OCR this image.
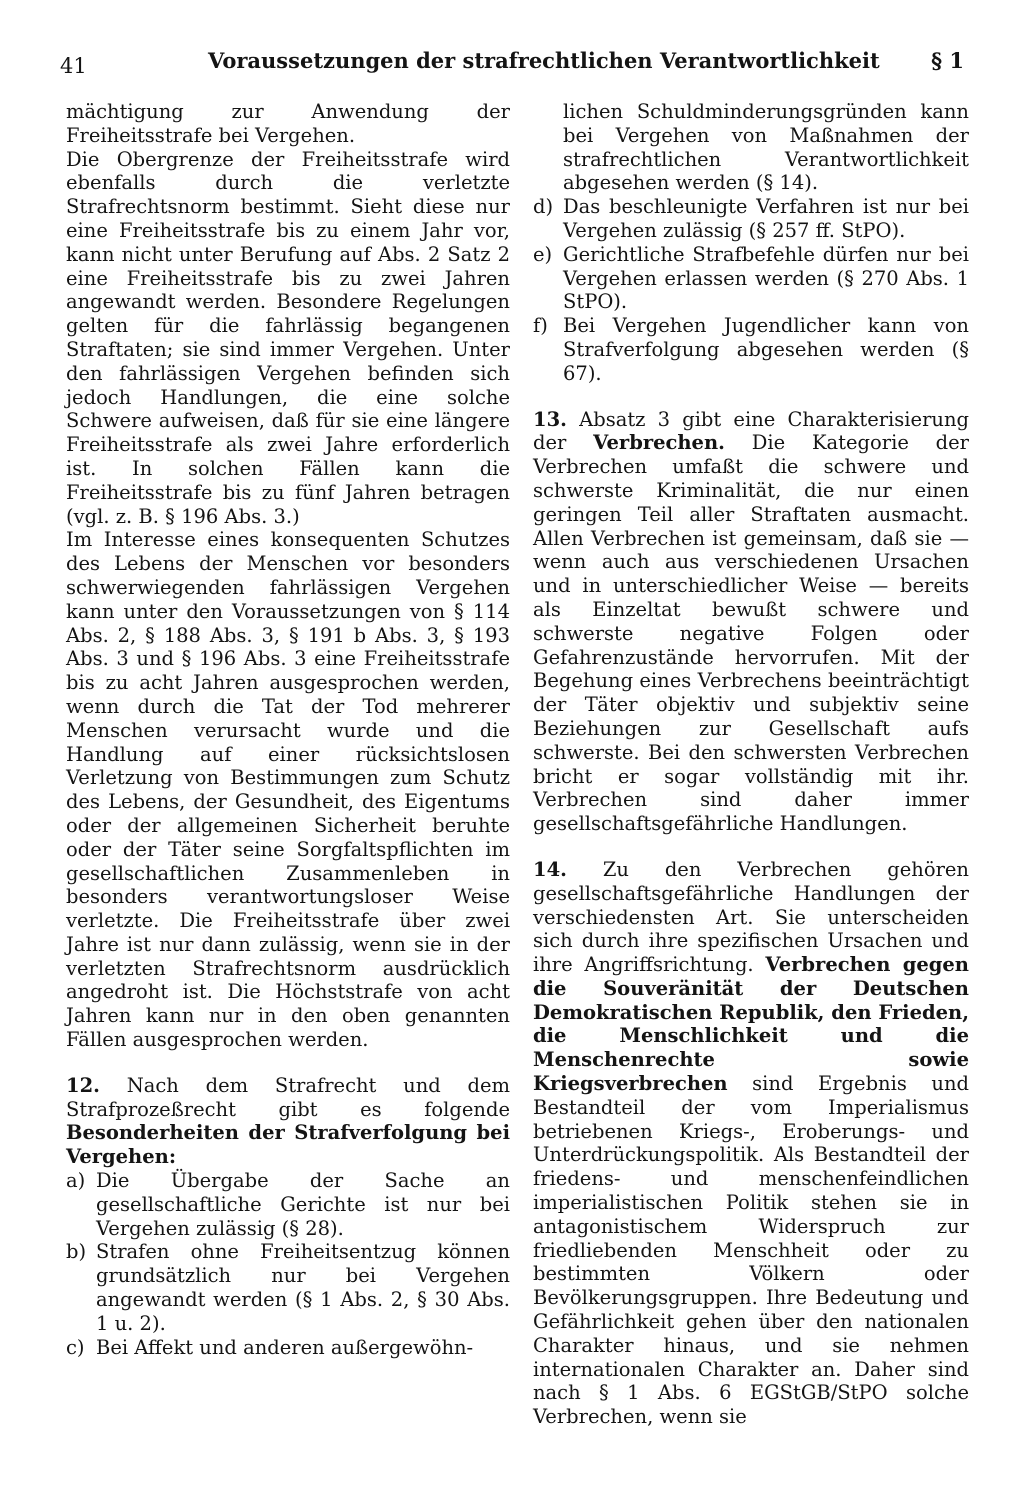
41	Voraussetzungen der strafrechtlichen Verantwortlichkeit § 1

mächtigung zur Anwendung der Freiheitsstrafe bei Vergehen.

Die Obergrenze der Freiheitsstrafe wird ebenfalls durch die verletzte Strafrechtsnorm bestimmt. Sieht diese nur eine Freiheitsstrafe bis zu einem Jahr vor, kann nicht unter Berufung auf Abs. 2 Satz 2 eine Freiheitsstrafe bis zu zwei Jahren angewandt werden. Besondere Regelungen gelten für die fahrlässig begangenen Straftaten; sie sind immer Vergehen. Unter den fahrlässigen Vergehen befinden sich jedoch Handlungen, die eine solche Schwere aufweisen, daß für sie eine längere Freiheitsstrafe als zwei Jahre erforderlich ist. In solchen Fällen kann die Freiheitsstrafe bis zu fünf Jahren betragen (vgl. z. B. § 196 Abs. 3.)

Im Interesse eines konsequenten Schutzes des Lebens der Menschen vor besonders schwerwiegenden fahrlässigen Vergehen kann unter den Voraussetzungen von § 114 Abs. 2, § 188 Abs. 3, § 191 b Abs. 3, § 193 Abs. 3 und § 196 Abs. 3 eine Freiheitsstrafe bis zu acht Jahren ausgesprochen werden, wenn durch die Tat der Tod mehrerer Menschen verursacht wurde und die Handlung auf einer rücksichtslosen Verletzung von Bestimmungen zum Schutz des Lebens, der Gesundheit, des Eigentums oder der allgemeinen Sicherheit beruhte oder der Täter seine Sorgfaltspflichten im gesellschaftlichen Zusammenleben in besonders verantwortungsloser Weise verletzte. Die Freiheitsstrafe über zwei Jahre ist nur dann zulässig, wenn sie in der verletzten Strafrechtsnorm ausdrücklich angedroht ist. Die Höchststrafe von acht Jahren kann nur in den oben genannten Fällen ausgesprochen werden.

12. Nach dem Strafrecht und dem Strafprozeßrecht gibt es folgende Besonderheiten der Strafverfolgung bei Vergehen:

a) Die Übergabe der Sache an gesellschaftliche Gerichte ist nur bei Vergehen zulässig (§ 28).
b) Strafen ohne Freiheitsentzug können grundsätzlich nur bei Vergehen angewandt werden (§ 1 Abs. 2, § 30 Abs. 1 u. 2).
c) Bei Affekt und anderen außergewöhn-
lichen Schuldminderungsgründen kann bei Vergehen von Maßnahmen der strafrechtlichen Verantwortlichkeit abgesehen werden (§ 14).
d) Das beschleunigte Verfahren ist nur bei Vergehen zulässig (§ 257 ff. StPO).
e) Gerichtliche Strafbefehle dürfen nur bei Vergehen erlassen werden (§ 270 Abs. 1 StPO).
f) Bei Vergehen Jugendlicher kann von Strafverfolgung abgesehen werden (§ 67).

13. Absatz 3 gibt eine Charakterisierung der Verbrechen. Die Kategorie der Verbrechen umfaßt die schwere und schwerste Kriminalität, die nur einen geringen Teil aller Straftaten ausmacht. Allen Verbrechen ist gemeinsam, daß sie — wenn auch aus verschiedenen Ursachen und in unterschiedlicher Weise — bereits als Einzeltat bewußt schwere und schwerste negative Folgen oder Gefahrenzustände hervorrufen. Mit der Begehung eines Verbrechens beeinträchtigt der Täter objektiv und subjektiv seine Beziehungen zur Gesellschaft aufs schwerste. Bei den schwersten Verbrechen bricht er sogar vollständig mit ihr. Verbrechen sind daher immer gesellschaftsgefährliche Handlungen.

14. Zu den Verbrechen gehören gesellschaftsgefährliche Handlungen der verschiedensten Art. Sie unterscheiden sich durch ihre spezifischen Ursachen und ihre Angriffsrichtung. Verbrechen gegen die Souveränität der Deutschen Demokratischen Republik, den Frieden, die Menschlichkeit und die Menschenrechte sowie Kriegsverbrechen sind Ergebnis und Bestandteil der vom Imperialismus betriebenen Kriegs-, Eroberungs- und Unterdrückungspolitik. Als Bestandteil der friedens- und menschenfeindlichen imperialistischen Politik stehen sie in antagonistischem Widerspruch zur friedliebenden Menschheit oder zu bestimmten Völkern oder Bevölkerungsgruppen. Ihre Bedeutung und Gefährlichkeit gehen über den nationalen Charakter hinaus, und sie nehmen internationalen Charakter an. Daher sind nach § 1 Abs. 6 EGStGB/StPO solche Verbrechen, wenn sie
